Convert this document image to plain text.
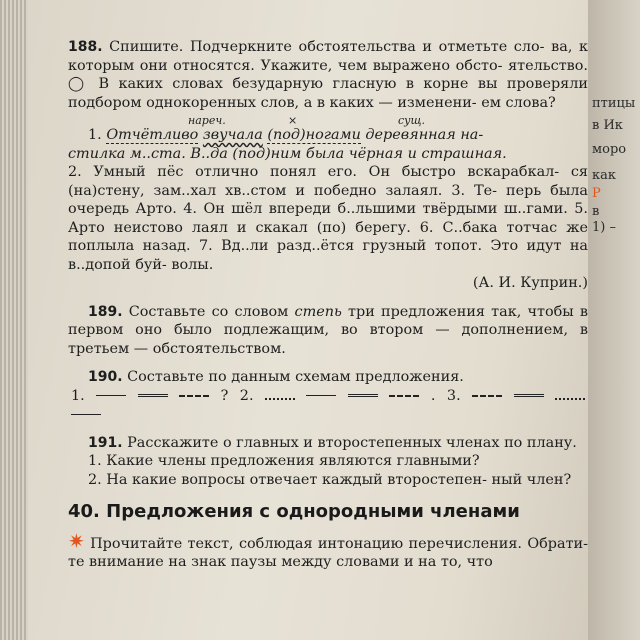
188. Спишите. Подчеркните обстоятельства и отметьте сло- ва, к которым они относятся. Укажите, чем выражено обсто- ятельство. ◯ В каких словах безударную гласную в корне вы проверяли подбором однокоренных слов, а в каких — изменени- ем слова?

нареч.	×	сущ.

1. Отчётливо звучала (под)ногами деревянная на-

стилка м..ста. В..да (под)ним была чёрная и страшная.

2. Умный пёс отлично понял его. Он быстро вскарабкал- ся (на)стену, зам..хал хв..стом и победно залаял. 3. Те- перь была очередь Арто. 4. Он шёл впереди б..льшими твёрдыми ш..гами. 5. Арто неистово лаял и скакал (по) берегу. 6. С..бака тотчас же поплыла назад. 7. Вд..ли разд..ётся грузный топот. Это идут на в..допой буй- волы.

(А. И. Куприн.)

189. Составьте со словом степь три предложения так, чтобы в первом оно было подлежащим, во втором — дополнением, в третьем — обстоятельством.

190. Составьте по данным схемам предложения.

1.	? 2.	. 3.

191. Расскажите о главных и второстепенных членах по плану.

1. Какие члены предложения являются главными?

2. На какие вопросы отвечает каждый второстепен- ный член?

40. Предложения с однородными членами

✷ Прочитайте текст, соблюдая интонацию перечисления. Обрати- те внимание на знак паузы между словами и на то, что

птицы
в Ик
моро
как
Р
в
1) –
